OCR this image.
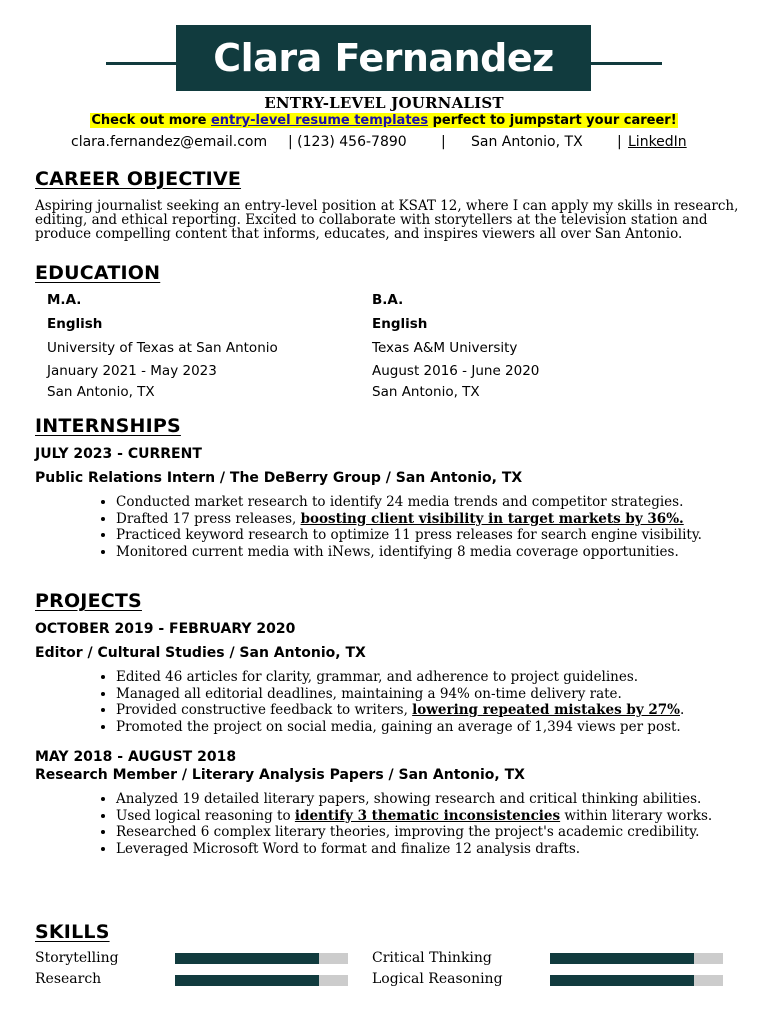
Clara Fernandez
ENTRY-LEVEL JOURNALIST
Check out more entry-level resume templates perfect to jumpstart your career!
clara.fernandez@email.com | (123) 456-7890 | San Antonio, TX | LinkedIn
CAREER OBJECTIVE
Aspiring journalist seeking an entry-level position at KSAT 12, where I can apply my skills in research, editing, and ethical reporting. Excited to collaborate with storytellers at the television station and produce compelling content that informs, educates, and inspires viewers all over San Antonio.
EDUCATION
M.A.
English
University of Texas at San Antonio
January 2021 - May 2023
San Antonio, TX
B.A.
English
Texas A&M University
August 2016 - June 2020
San Antonio, TX
INTERNSHIPS
JULY 2023 - CURRENT
Public Relations Intern / The DeBerry Group / San Antonio, TX
• Conducted market research to identify 24 media trends and competitor strategies.
• Drafted 17 press releases, boosting client visibility in target markets by 36%.
• Practiced keyword research to optimize 11 press releases for search engine visibility.
• Monitored current media with iNews, identifying 8 media coverage opportunities.
PROJECTS
OCTOBER 2019 - FEBRUARY 2020
Editor / Cultural Studies / San Antonio, TX
• Edited 46 articles for clarity, grammar, and adherence to project guidelines.
• Managed all editorial deadlines, maintaining a 94% on-time delivery rate.
• Provided constructive feedback to writers, lowering repeated mistakes by 27%.
• Promoted the project on social media, gaining an average of 1,394 views per post.
MAY 2018 - AUGUST 2018
Research Member / Literary Analysis Papers / San Antonio, TX
• Analyzed 19 detailed literary papers, showing research and critical thinking abilities.
• Used logical reasoning to identify 3 thematic inconsistencies within literary works.
• Researched 6 complex literary theories, improving the project's academic credibility.
• Leveraged Microsoft Word to format and finalize 12 analysis drafts.
SKILLS
Storytelling	Critical Thinking
Research	Logical Reasoning
